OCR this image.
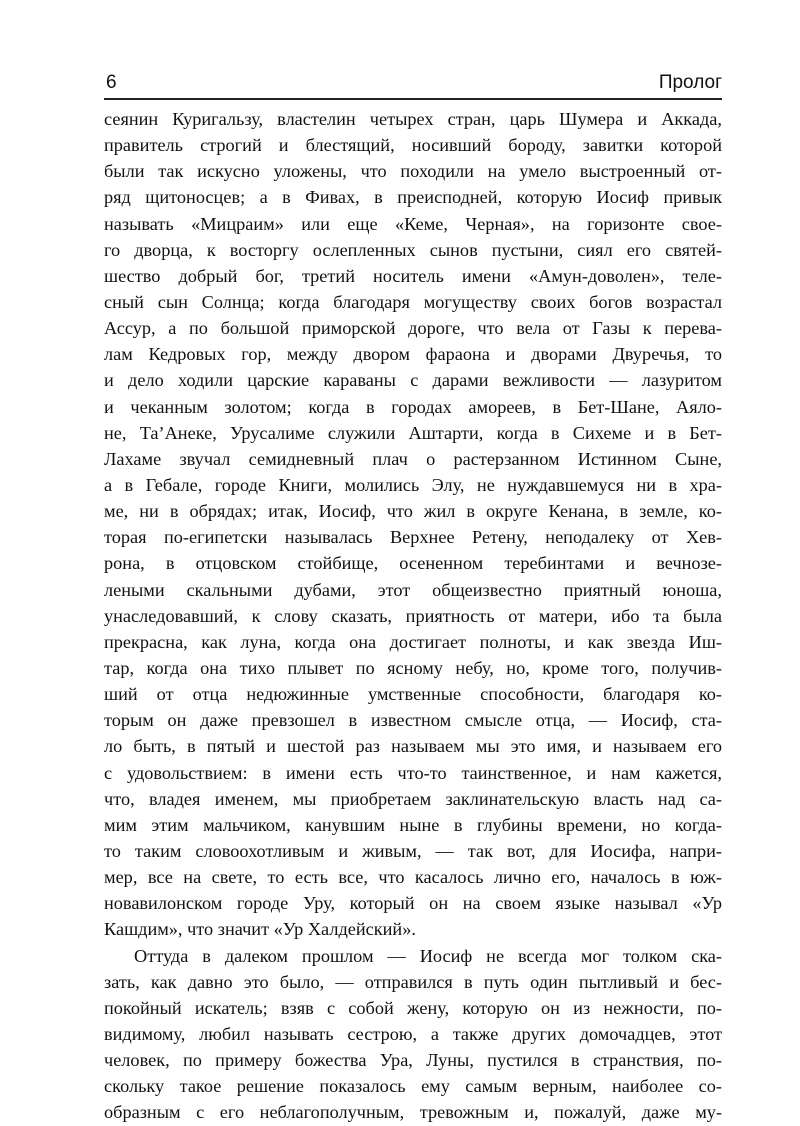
6	Пролог
сеянин Куригальзу, властелин четырех стран, царь Шумера и Аккада,
правитель строгий и блестящий, носивший бороду, завитки которой
были так искусно уложены, что походили на умело выстроенный от-
ряд щитоносцев; а в Фивах, в преисподней, которую Иосиф привык
называть «Мицраим» или еще «Кеме, Черная», на горизонте свое-
го дворца, к восторгу ослепленных сынов пустыни, сиял его святей-
шество добрый бог, третий носитель имени «Амун-доволен», теле-
сный сын Солнца; когда благодаря могуществу своих богов возрастал
Ассур, а по большой приморской дороге, что вела от Газы к перева-
лам Кедровых гор, между двором фараона и дворами Двуречья, то
и дело ходили царские караваны с дарами вежливости — лазуритом
и чеканным золотом; когда в городах амореев, в Бет-Шане, Аяло-
не, Та’Анеке, Урусалиме служили Аштарти, когда в Сихеме и в Бет-
Лахаме звучал семидневный плач о растерзанном Истинном Сыне,
а в Гебале, городе Книги, молились Элу, не нуждавшемуся ни в хра-
ме, ни в обрядах; итак, Иосиф, что жил в округе Кенана, в земле, ко-
торая по-египетски называлась Верхнее Ретену, неподалеку от Хев-
рона, в отцовском стойбище, осененном теребинтами и вечнозе-
леными скальными дубами, этот общеизвестно приятный юноша,
унаследовавший, к слову сказать, приятность от матери, ибо та была
прекрасна, как луна, когда она достигает полноты, и как звезда Иш-
тар, когда она тихо плывет по ясному небу, но, кроме того, получив-
ший от отца недюжинные умственные способности, благодаря ко-
торым он даже превзошел в известном смысле отца, — Иосиф, ста-
ло быть, в пятый и шестой раз называем мы это имя, и называем его
с удовольствием: в имени есть что-то таинственное, и нам кажется,
что, владея именем, мы приобретаем заклинательскую власть над са-
мим этим мальчиком, канувшим ныне в глубины времени, но когда-
то таким словоохотливым и живым, — так вот, для Иосифа, напри-
мер, все на свете, то есть все, что касалось лично его, началось в юж-
новавилонском городе Уру, который он на своем языке называл «Ур
Кашдим», что значит «Ур Халдейский».
Оттуда в далеком прошлом — Иосиф не всегда мог толком ска-
зать, как давно это было, — отправился в путь один пытливый и бес-
покойный искатель; взяв с собой жену, которую он из нежности, по-
видимому, любил называть сестрою, а также других домочадцев, этот
человек, по примеру божества Ура, Луны, пустился в странствия, по-
скольку такое решение показалось ему самым верным, наиболее со-
образным с его неблагополучным, тревожным и, пожалуй, даже му-
